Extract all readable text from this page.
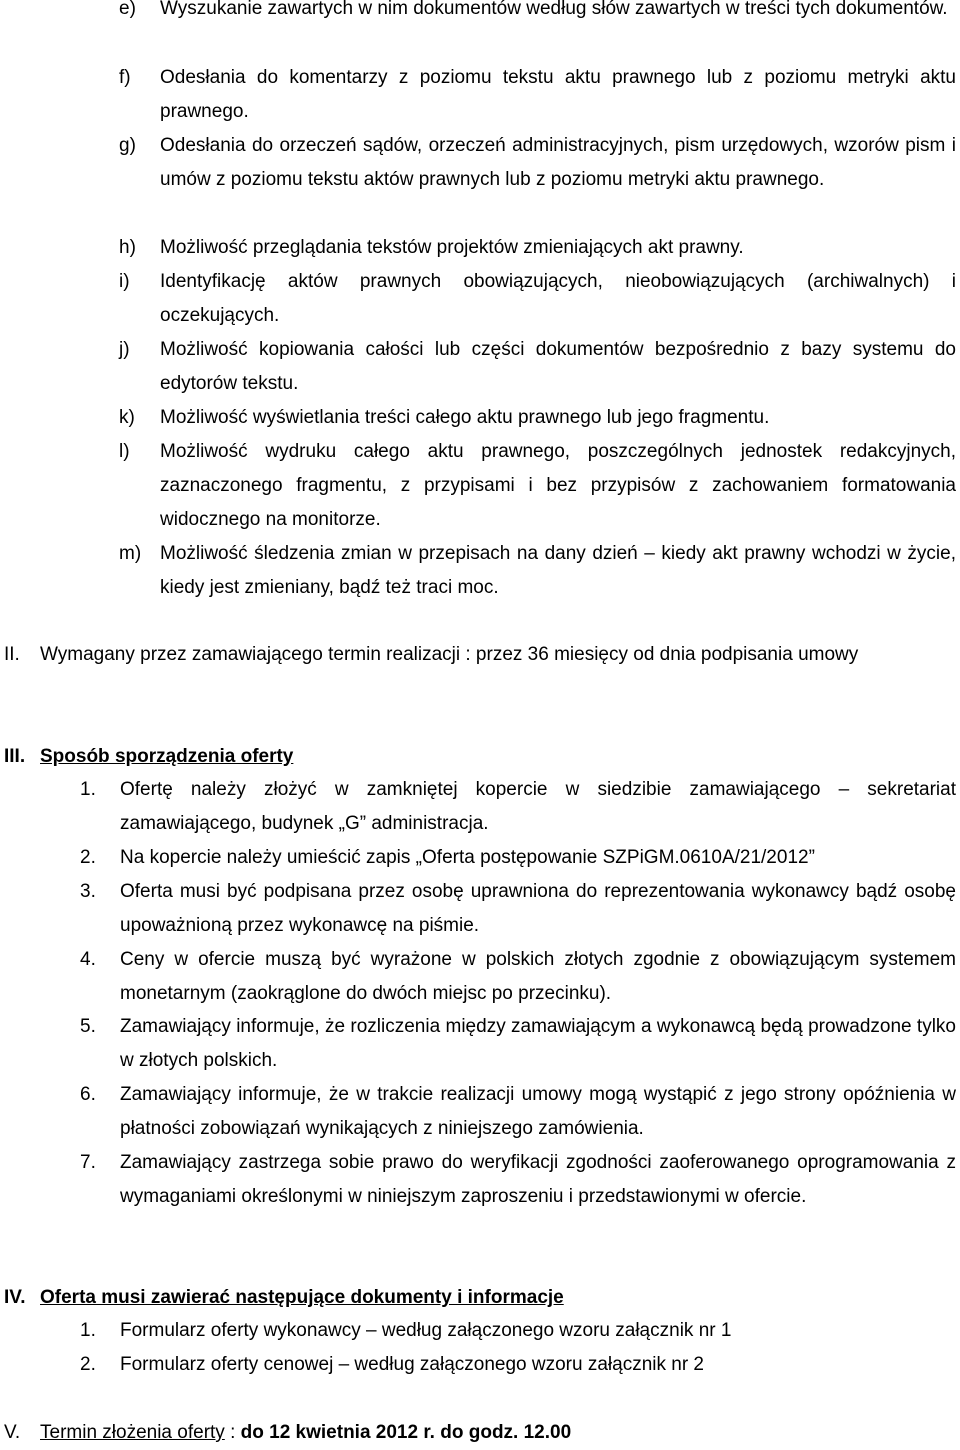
e) Wyszukanie zawartych w nim dokumentów według słów zawartych w treści tych dokumentów.
f) Odesłania do komentarzy z poziomu tekstu aktu prawnego lub z poziomu metryki aktu prawnego.
g) Odesłania do orzeczeń sądów, orzeczeń administracyjnych, pism urzędowych, wzorów pism i umów z poziomu tekstu aktów prawnych lub z poziomu metryki aktu prawnego.
h) Możliwość przeglądania tekstów projektów zmieniających akt prawny.
i) Identyfikację aktów prawnych obowiązujących, nieobowiązujących (archiwalnych) i oczekujących.
j) Możliwość kopiowania całości lub części dokumentów bezpośrednio z bazy systemu do edytorów tekstu.
k) Możliwość wyświetlania treści całego aktu prawnego lub jego fragmentu.
l) Możliwość wydruku całego aktu prawnego, poszczególnych jednostek redakcyjnych, zaznaczonego fragmentu, z przypisami i bez przypisów z zachowaniem formatowania widocznego na monitorze.
m) Możliwość śledzenia zmian w przepisach na dany dzień – kiedy akt prawny wchodzi w życie, kiedy jest zmieniany, bądź też traci moc.
II. Wymagany przez zamawiającego termin realizacji : przez 36 miesięcy od dnia podpisania umowy
III. Sposób sporządzenia oferty
1. Ofertę należy złożyć w zamkniętej kopercie w siedzibie zamawiającego – sekretariat zamawiającego, budynek „G” administracja.
2. Na kopercie należy umieścić zapis „Oferta postępowanie SZPiGM.0610A/21/2012”
3. Oferta musi być podpisana przez osobę uprawniona do reprezentowania wykonawcy bądź osobę upoważnioną przez wykonawcę na piśmie.
4. Ceny w ofercie muszą być wyrażone w polskich złotych zgodnie z obowiązującym systemem monetarnym (zaokrąglone do dwóch miejsc po przecinku).
5. Zamawiający informuje, że rozliczenia między zamawiającym a wykonawcą będą prowadzone tylko w złotych polskich.
6. Zamawiający informuje, że w trakcie realizacji umowy mogą wystąpić z jego strony opóźnienia w płatności zobowiązań wynikających z niniejszego zamówienia.
7. Zamawiający zastrzega sobie prawo do weryfikacji zgodności zaoferowanego oprogramowania z wymaganiami określonymi w niniejszym zaproszeniu i przedstawionymi w ofercie.
IV. Oferta musi zawierać następujące dokumenty i informacje
1. Formularz oferty wykonawcy – według załączonego wzoru załącznik nr 1
2. Formularz oferty cenowej – według załączonego wzoru załącznik nr 2
V. Termin złożenia oferty : do 12 kwietnia 2012 r. do godz. 12.00
